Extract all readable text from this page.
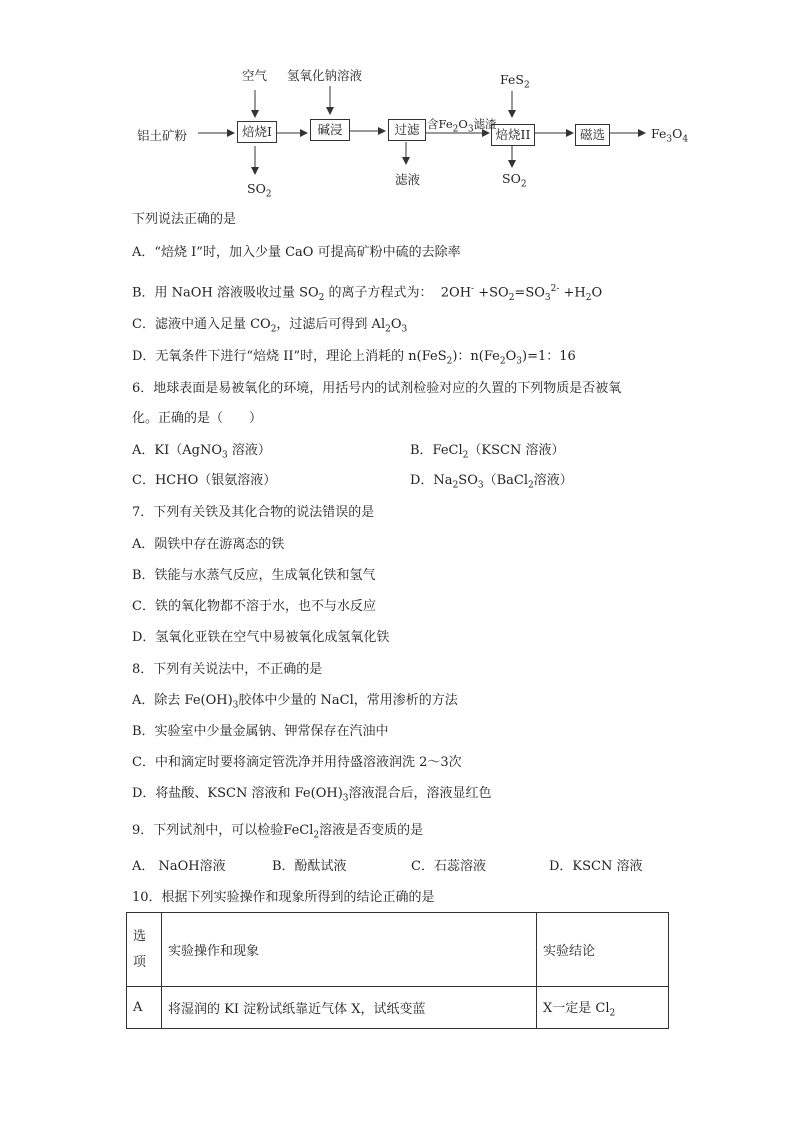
铝土矿粉
空气 氢氧化钠溶液	FeS$_2$
焙烧I	碱浸	过滤	焙烧II	磁选
$SO_2$
$SO_2$
滤液
含$Fe_2O_3$滤渣
$Fe_3O_4$
下列说法正确的是
A．“焙烧 I”时，加入少量 CaO 可提高矿粉中硫的去除率
B．用 NaOH 溶液吸收过量 $SO_2$ 的离子方程式为：  $2OH^- +SO_2=SO_3^{2-} +H_2O$
C．滤液中通入足量 $CO_2$，过滤后可得到 $Al_2O_3$
D．无氧条件下进行“焙烧 II”时，理论上消耗的 n(FeS$_2$)：$n(Fe_2O_3)=1$：16
6．地球表面是易被氧化的环境，用括号内的试剂检验对应的久置的下列物质是否被氧
化。正确的是（　　）
A．KI（AgNO$_3$ 溶液）	B．FeCl$_2$（KSCN 溶液）
C．HCHO（银氨溶液）	D．$Na_2SO_3(BaCl_2$溶液）
7．下列有关铁及其化合物的说法错误的是
A．陨铁中存在游离态的铁
B．铁能与水蒸气反应，生成氧化铁和氢气
C．铁的氧化物都不溶于水，也不与水反应
D．氢氧化亚铁在空气中易被氧化成氢氧化铁
8．下列有关说法中，不正确的是
A．除去 $Fe(OH)_3$胶体中少量的 NaCl，常用渗析的方法
B．实验室中少量金属钠、钾常保存在汽油中
C．中和滴定时要将滴定管洗净并用待盛溶液润洗 2～3次
D．将盐酸、KSCN 溶液和 $Fe(OH)_3$溶液混合后，溶液显红色
9．下列试剂中，可以检验FeCl$_2$溶液是否变质的是
A． NaOH溶液	B．酚酞试液	C．石蕊溶液	D．KSCN 溶液
10．根据下列实验操作和现象所得到的结论正确的是
选项	实验操作和现象	实验结论
A	将湿润的 KI 淀粉试纸靠近气体 X，试纸变蓝	X一定是 $Cl_2$
